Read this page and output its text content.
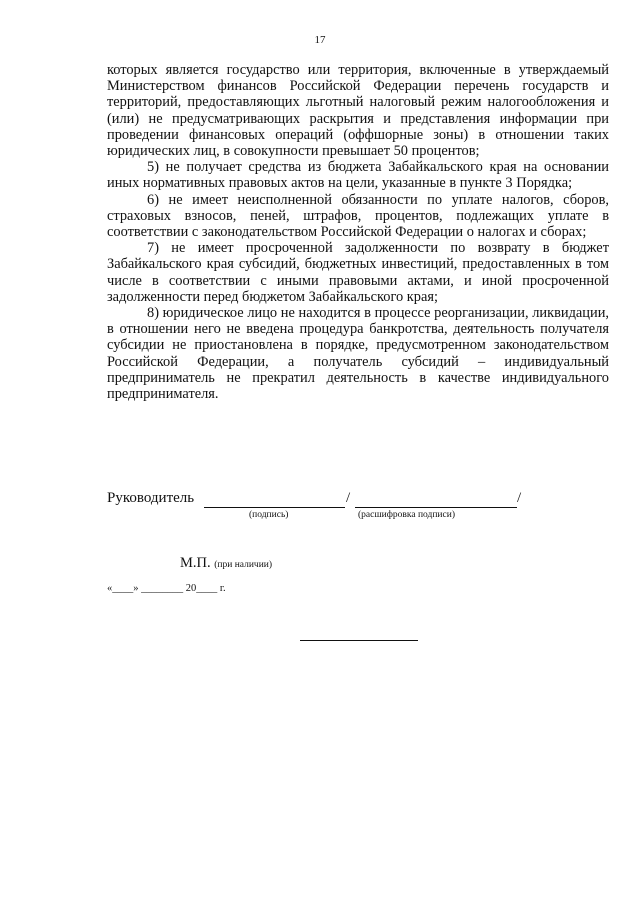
17

которых является государство или территория, включенные в утверждаемый Министерством финансов Российской Федерации перечень государств и территорий, предоставляющих льготный налоговый режим налогообложения и (или) не предусматривающих раскрытия и представления информации при проведении финансовых операций (оффшорные зоны) в отношении таких юридических лиц, в совокупности превышает 50 процентов;

5) не получает средства из бюджета Забайкальского края на основании иных нормативных правовых актов на цели, указанные в пункте 3 Порядка;

6) не имеет неисполненной обязанности по уплате налогов, сборов, страховых взносов, пеней, штрафов, процентов, подлежащих уплате в соответствии с законодательством Российской Федерации о налогах и сборах;

7) не имеет просроченной задолженности по возврату в бюджет Забайкальского края субсидий, бюджетных инвестиций, предоставленных в том числе в соответствии с иными правовыми актами, и иной просроченной задолженности перед бюджетом Забайкальского края;

8) юридическое лицо не находится в процессе реорганизации, ликвидации, в отношении него не введена процедура банкротства, деятельность получателя субсидии не приостановлена в порядке, предусмотренном законодательством Российской Федерации, а получатель субсидий – индивидуальный предприниматель не прекратил деятельность в качестве индивидуального предпринимателя.

Руководитель	/	/
(подпись)	(расшифровка подписи)
М.П. (при наличии)
«____» ________ 20____ г.
